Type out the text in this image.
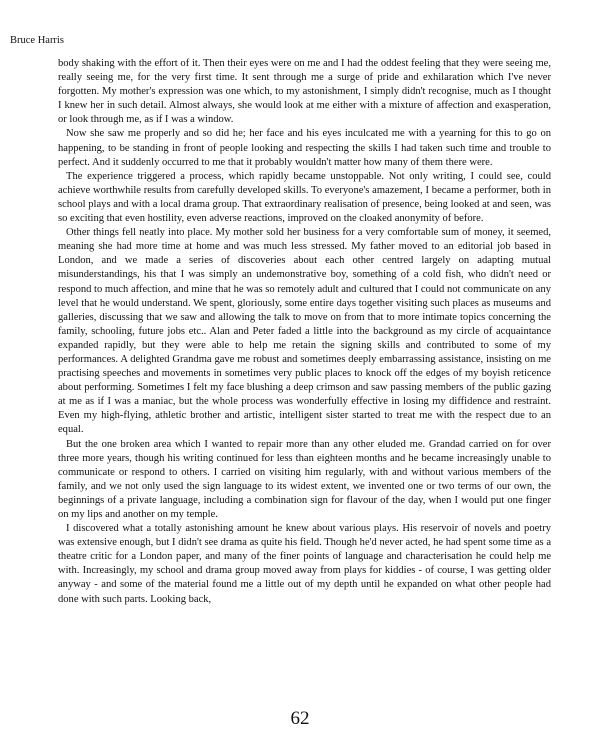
Bruce Harris

body shaking with the effort of it. Then their eyes were on me and I had the oddest feeling that they were seeing me, really seeing me, for the very first time. It sent through me a surge of pride and exhilaration which I've never forgotten. My mother's expression was one which, to my astonishment, I simply didn't recognise, much as I thought I knew her in such detail. Almost always, she would look at me either with a mixture of affection and exasperation, or look through me, as if I was a window.

Now she saw me properly and so did he; her face and his eyes inculcated me with a yearning for this to go on happening, to be standing in front of people looking and respecting the skills I had taken such time and trouble to perfect. And it suddenly occurred to me that it probably wouldn't matter how many of them there were.

The experience triggered a process, which rapidly became unstoppable. Not only writing, I could see, could achieve worthwhile results from carefully developed skills. To everyone's amazement, I became a performer, both in school plays and with a local drama group. That extraordinary realisation of presence, being looked at and seen, was so exciting that even hostility, even adverse reactions, improved on the cloaked anonymity of before.

Other things fell neatly into place. My mother sold her business for a very comfortable sum of money, it seemed, meaning she had more time at home and was much less stressed. My father moved to an editorial job based in London, and we made a series of discoveries about each other centred largely on adapting mutual misunderstandings, his that I was simply an undemonstrative boy, something of a cold fish, who didn't need or respond to much affection, and mine that he was so remotely adult and cultured that I could not communicate on any level that he would understand. We spent, gloriously, some entire days together visiting such places as museums and galleries, discussing that we saw and allowing the talk to move on from that to more intimate topics concerning the family, schooling, future jobs etc.. Alan and Peter faded a little into the background as my circle of acquaintance expanded rapidly, but they were able to help me retain the signing skills and contributed to some of my performances. A delighted Grandma gave me robust and sometimes deeply embarrassing assistance, insisting on me practising speeches and movements in sometimes very public places to knock off the edges of my boyish reticence about performing. Sometimes I felt my face blushing a deep crimson and saw passing members of the public gazing at me as if I was a maniac, but the whole process was wonderfully effective in losing my diffidence and restraint. Even my high-flying, athletic brother and artistic, intelligent sister started to treat me with the respect due to an equal.

But the one broken area which I wanted to repair more than any other eluded me. Grandad carried on for over three more years, though his writing continued for less than eighteen months and he became increasingly unable to communicate or respond to others. I carried on visiting him regularly, with and without various members of the family, and we not only used the sign language to its widest extent, we invented one or two terms of our own, the beginnings of a private language, including a combination sign for flavour of the day, when I would put one finger on my lips and another on my temple.

I discovered what a totally astonishing amount he knew about various plays. His reservoir of novels and poetry was extensive enough, but I didn't see drama as quite his field. Though he'd never acted, he had spent some time as a theatre critic for a London paper, and many of the finer points of language and characterisation he could help me with. Increasingly, my school and drama group moved away from plays for kiddies - of course, I was getting older anyway - and some of the material found me a little out of my depth until he expanded on what other people had done with such parts. Looking back,

62
